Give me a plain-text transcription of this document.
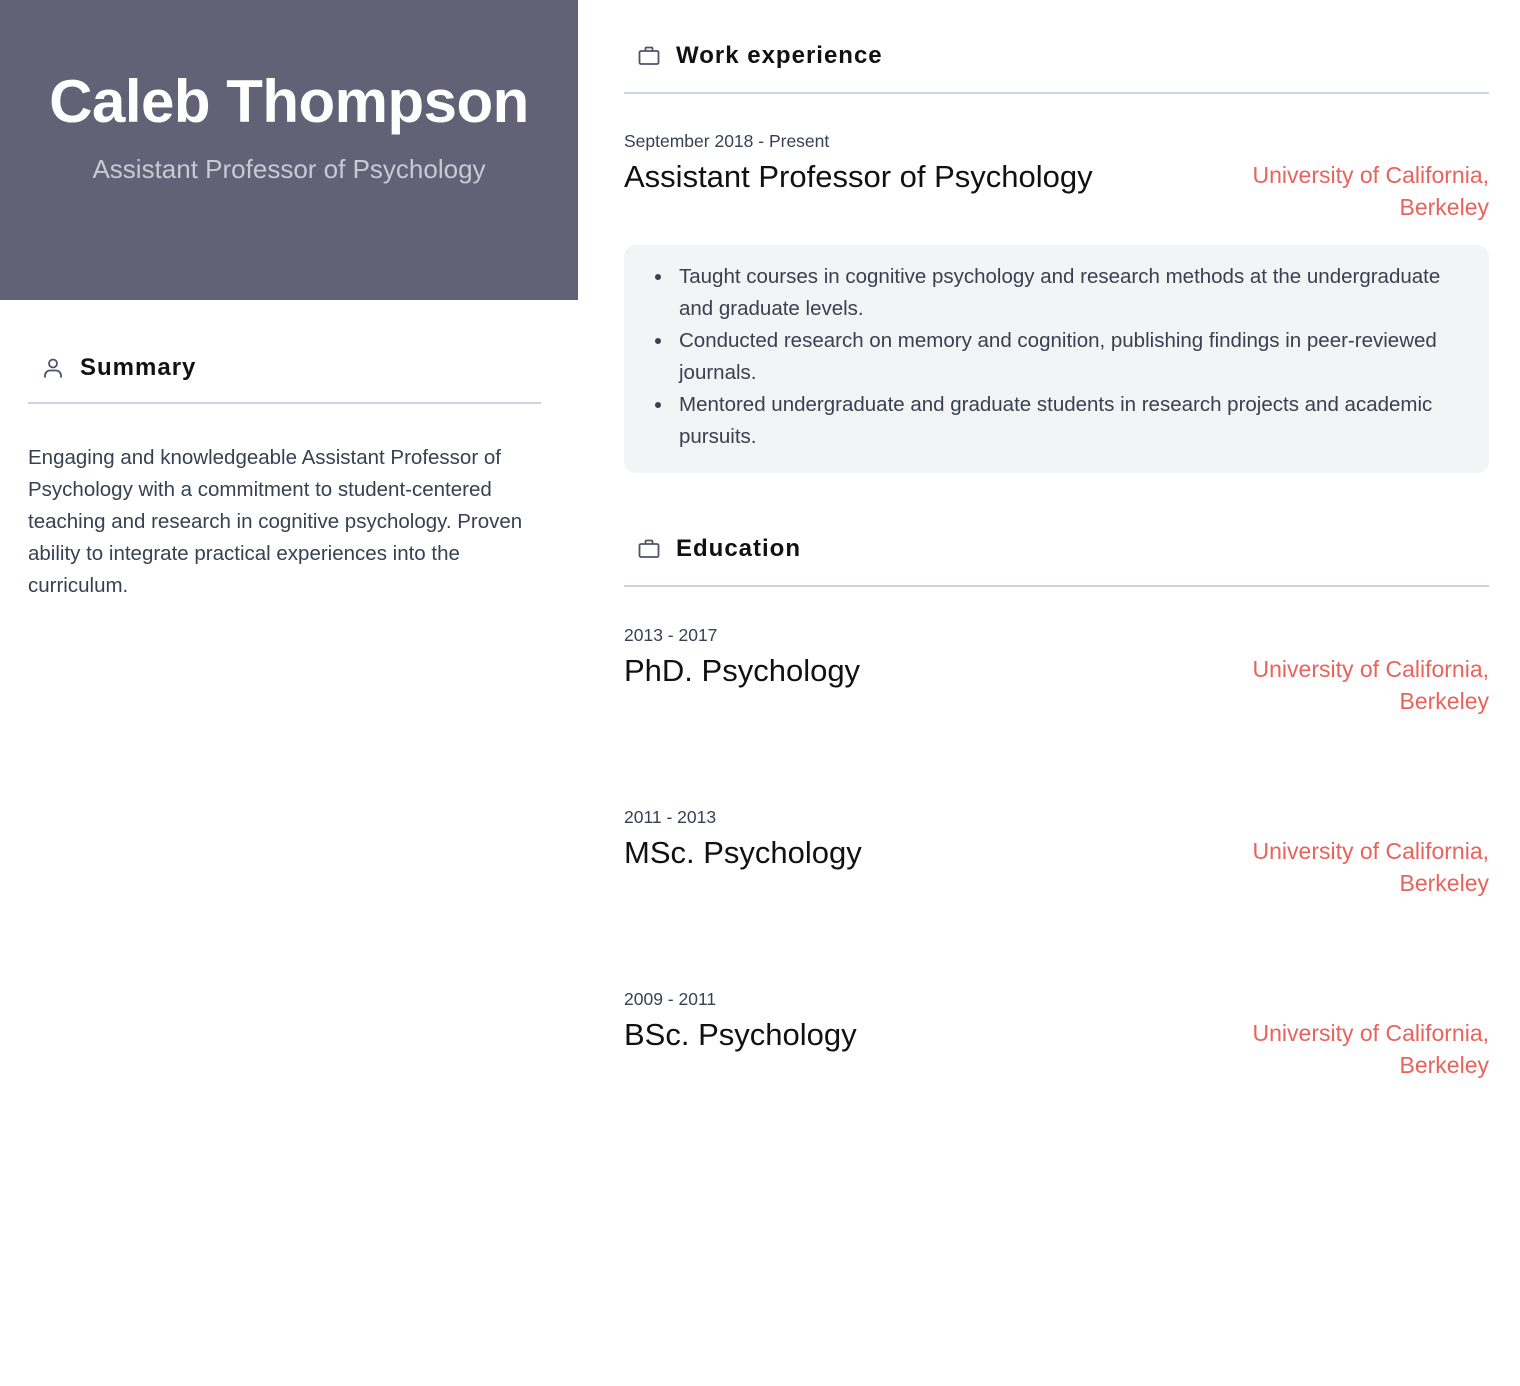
Caleb Thompson
Assistant Professor of Psychology
Summary

Engaging and knowledgeable Assistant Professor of Psychology with a commitment to student-centered teaching and research in cognitive psychology. Proven ability to integrate practical experiences into the curriculum.

Work experience
September 2018 - Present
Assistant Professor of Psychology	University of California, Berkeley
Taught courses in cognitive psychology and research methods at the undergraduate and graduate levels.
Conducted research on memory and cognition, publishing findings in peer-reviewed journals.
Mentored undergraduate and graduate students in research projects and academic pursuits.
Education
2013 - 2017
PhD. Psychology	University of California, Berkeley
2011 - 2013
MSc. Psychology	University of California, Berkeley
2009 - 2011
BSc. Psychology	University of California, Berkeley
